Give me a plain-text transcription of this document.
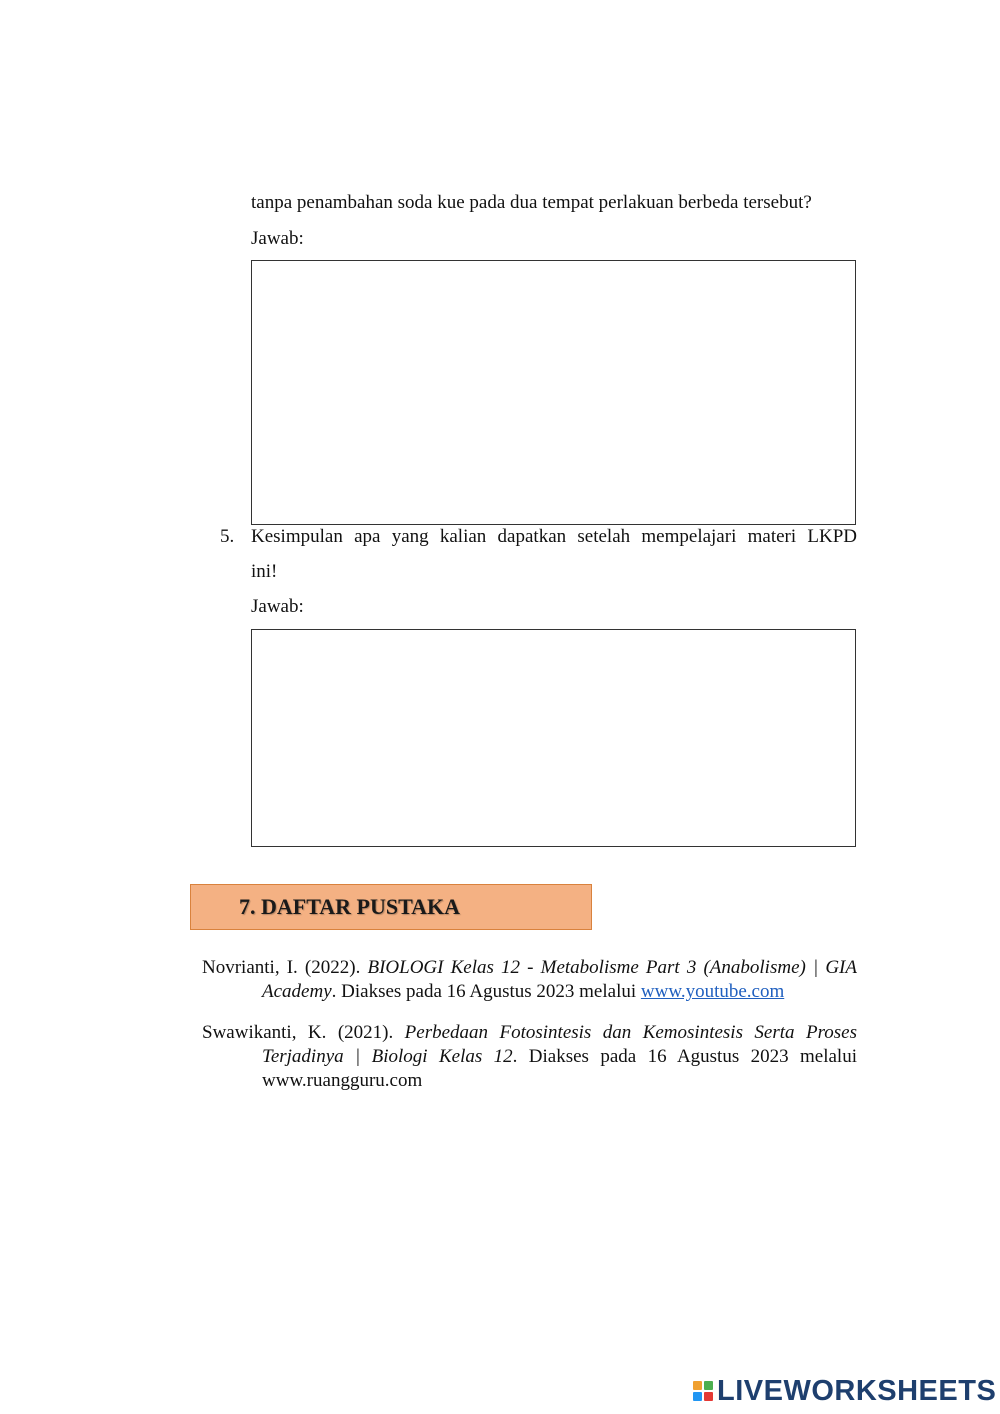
tanpa penambahan soda kue pada dua tempat perlakuan berbeda tersebut?
Jawab:
5. Kesimpulan apa yang kalian dapatkan setelah mempelajari materi LKPD
ini!
Jawab:
7. DAFTAR PUSTAKA
Novrianti, I. (2022). BIOLOGI Kelas 12 - Metabolisme Part 3 (Anabolisme) | GIA Academy. Diakses pada 16 Agustus 2023 melalui www.youtube.com
Swawikanti, K. (2021). Perbedaan Fotosintesis dan Kemosintesis Serta Proses Terjadinya | Biologi Kelas 12. Diakses pada 16 Agustus 2023 melalui www.ruangguru.com
LIVEWORKSHEETS
